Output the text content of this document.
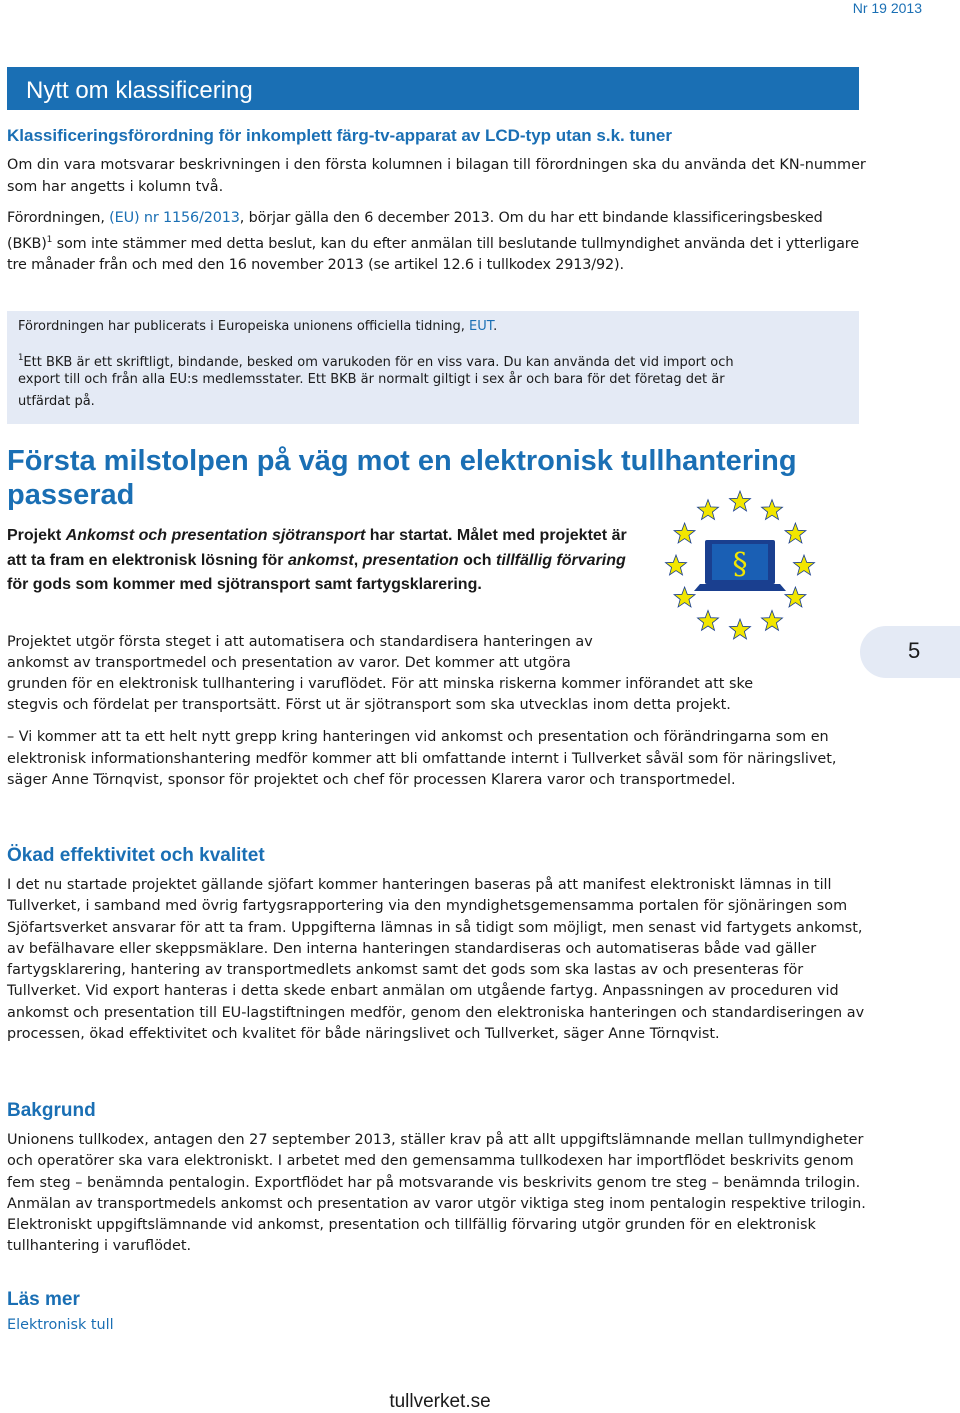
Nr 19 2013
Nytt om klassificering
Klassificeringsförordning för inkomplett färg-tv-apparat av LCD-typ utan s.k. tuner
Om din vara motsvarar beskrivningen i den första kolumnen i bilagan till förordningen ska du använda det KN-nummer som har angetts i kolumn två.
Förordningen, (EU) nr 1156/2013, börjar gälla den 6 december 2013. Om du har ett bindande klassificeringsbesked (BKB)$^1$ som inte stämmer med detta beslut, kan du efter anmälan till beslutande tullmyndighet använda det i ytterligare tre månader från och med den 16 november 2013 (se artikel 12.6 i tullkodex 2913/92).
Förordningen har publicerats i Europeiska unionens officiella tidning, EUT.
$^1$Ett BKB är ett skriftligt, bindande, besked om varukoden för en viss vara. Du kan använda det vid import och
export till och från alla EU:s medlemsstater. Ett BKB är normalt giltigt i sex år och bara för det företag det är
utfärdat på.
Första milstolpen på väg mot en elektronisk tullhantering passerad
Projekt Ankomst och presentation sjötransport har startat. Målet med projektet är att ta fram en elektronisk lösning för ankomst, presentation och tillfällig förvaring för gods som kommer med sjötransport samt fartygsklarering.
§
Projektet utgör första steget i att automatisera och standardisera hanteringen av
ankomst av transportmedel och presentation av varor. Det kommer att utgöra
grunden för en elektronisk tullhantering i varuflödet. För att minska riskerna kommer införandet att ske
stegvis och fördelat per transportsätt. Först ut är sjötransport som ska utvecklas inom detta projekt.
– Vi kommer att ta ett helt nytt grepp kring hanteringen vid ankomst och presentation och förändringarna som en elektronisk informationshantering medför kommer att bli omfattande internt i Tullverket såväl som för näringslivet, säger Anne Törnqvist, sponsor för projektet och chef för processen Klarera varor och transportmedel.
Ökad effektivitet och kvalitet
I det nu startade projektet gällande sjöfart kommer hanteringen baseras på att manifest elektroniskt lämnas in till Tullverket, i samband med övrig fartygsrapportering via den myndighetsgemensamma portalen för sjönäringen som Sjöfartsverket ansvarar för att ta fram. Uppgifterna lämnas in så tidigt som möjligt, men senast vid fartygets ankomst, av befälhavare eller skeppsmäklare. Den interna hanteringen standardiseras och automatiseras både vad gäller fartygsklarering, hantering av transportmedlets ankomst samt det gods som ska lastas av och presenteras för Tullverket. Vid export hanteras i detta skede enbart anmälan om utgående fartyg. Anpassningen av proceduren vid ankomst och presentation till EU-lagstiftningen medför, genom den elektroniska hanteringen och standardiseringen av processen, ökad effektivitet och kvalitet för både näringslivet och Tullverket, säger Anne Törnqvist.
Bakgrund
Unionens tullkodex, antagen den 27 september 2013, ställer krav på att allt uppgiftslämnande mellan tullmyndigheter och operatörer ska vara elektroniskt. I arbetet med den gemensamma tullkodexen har importflödet beskrivits genom fem steg – benämnda pentalogin. Exportflödet har på motsvarande vis beskrivits genom tre steg – benämnda trilogin. Anmälan av transportmedels ankomst och presentation av varor utgör viktiga steg inom pentalogin respektive trilogin. Elektroniskt uppgiftslämnande vid ankomst, presentation och tillfällig förvaring utgör grunden för en elektronisk tullhantering i varuflödet.
Läs mer
Elektronisk tull
5
tullverket.se
